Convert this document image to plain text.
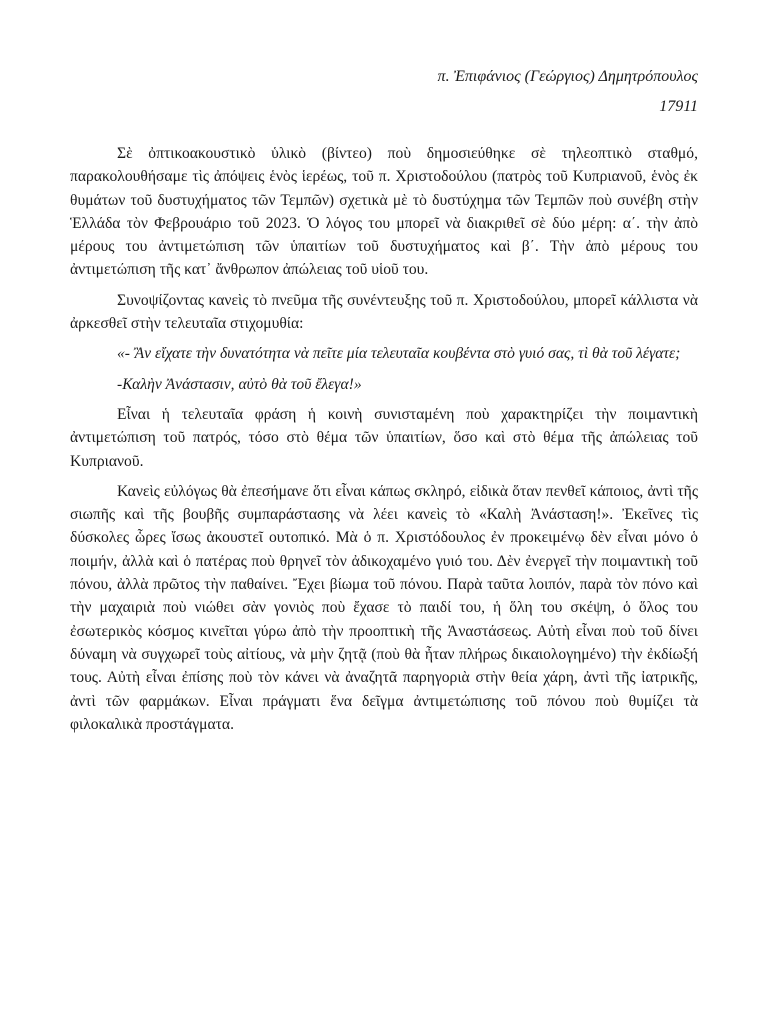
π. Ἐπιφάνιος (Γεώργιος) Δημητρόπουλος
17911

Σὲ ὀπτικοακουστικὸ ὑλικὸ (βίντεο) ποὺ δημοσιεύθηκε σὲ τηλεοπτικὸ σταθμό, παρακολουθήσαμε τὶς ἀπόψεις ἑνὸς ἱερέως, τοῦ π. Χριστοδούλου (πατρὸς τοῦ Κυπριανοῦ, ἑνὸς ἐκ θυμάτων τοῦ δυστυχήματος τῶν Τεμπῶν) σχετικὰ μὲ τὸ δυστύχημα τῶν Τεμπῶν ποὺ συνέβη στὴν Ἑλλάδα τὸν Φεβρουάριο τοῦ 2023. Ὁ λόγος του μπορεῖ νὰ διακριθεῖ σὲ δύο μέρη: α΄. τὴν ἀπὸ μέρους του ἀντιμετώπιση τῶν ὑπαιτίων τοῦ δυστυχήματος καὶ β΄. Τὴν ἀπὸ μέρους του ἀντιμετώπιση τῆς κατ᾽ ἄνθρωπον ἀπώλειας τοῦ υἱοῦ του.

Συνοψίζοντας κανεὶς τὸ πνεῦμα τῆς συνέντευξης τοῦ π. Χριστοδούλου, μπορεῖ κάλλιστα νὰ ἀρκεσθεῖ στὴν τελευταῖα στιχομυθία:

«- Ἂν εἴχατε τὴν δυνατότητα νὰ πεῖτε μία τελευταῖα κουβέντα στὸ γυιό σας, τὶ θὰ τοῦ λέγατε;

-Καλὴν Ἀνάστασιν, αὐτὸ θὰ τοῦ ἔλεγα!»

Εἶναι ἡ τελευταῖα φράση ἡ κοινὴ συνισταμένη ποὺ χαρακτηρίζει τὴν ποιμαντικὴ ἀντιμετώπιση τοῦ πατρός, τόσο στὸ θέμα τῶν ὑπαιτίων, ὅσο καὶ στὸ θέμα τῆς ἀπώλειας τοῦ Κυπριανοῦ.

Κανεὶς εὐλόγως θὰ ἐπεσήμανε ὅτι εἶναι κάπως σκληρό, εἰδικὰ ὅταν πενθεῖ κάποιος, ἀντὶ τῆς σιωπῆς καὶ τῆς βουβῆς συμπαράστασης νὰ λέει κανεὶς τὸ «Καλὴ Ἀνάσταση!». Ἐκεῖνες τὶς δύσκολες ὧρες ἴσως ἀκουστεῖ ουτοπικό. Μὰ ὁ π. Χριστόδουλος ἐν προκειμένῳ δὲν εἶναι μόνο ὁ ποιμήν, ἀλλὰ καὶ ὁ πατέρας ποὺ θρηνεῖ τὸν ἀδικοχαμένο γυιό του. Δὲν ἐνεργεῖ τὴν ποιμαντικὴ τοῦ πόνου, ἀλλὰ πρῶτος τὴν παθαίνει. Ἔχει βίωμα τοῦ πόνου. Παρὰ ταῦτα λοιπόν, παρὰ τὸν πόνο καὶ τὴν μαχαιριὰ ποὺ νιώθει σὰν γονιὸς ποὺ ἔχασε τὸ παιδί του, ἡ ὅλη του σκέψη, ὁ ὅλος του ἐσωτερικὸς κόσμος κινεῖται γύρω ἀπὸ τὴν προοπτικὴ τῆς Ἀναστάσεως. Αὐτὴ εἶναι ποὺ τοῦ δίνει δύναμη νὰ συγχωρεῖ τοὺς αἰτίους, νὰ μὴν ζητᾷ (ποὺ θὰ ἦταν πλήρως δικαιολογημένο) τὴν ἐκδίωξή τους. Αὐτὴ εἶναι ἐπίσης ποὺ τὸν κάνει νὰ ἀναζητᾶ παρηγοριὰ στὴν θεία χάρη, ἀντὶ τῆς ἰατρικῆς, ἀντὶ τῶν φαρμάκων. Εἶναι πράγματι ἕνα δεῖγμα ἀντιμετώπισης τοῦ πόνου ποὺ θυμίζει τὰ φιλοκαλικὰ προστάγματα.
